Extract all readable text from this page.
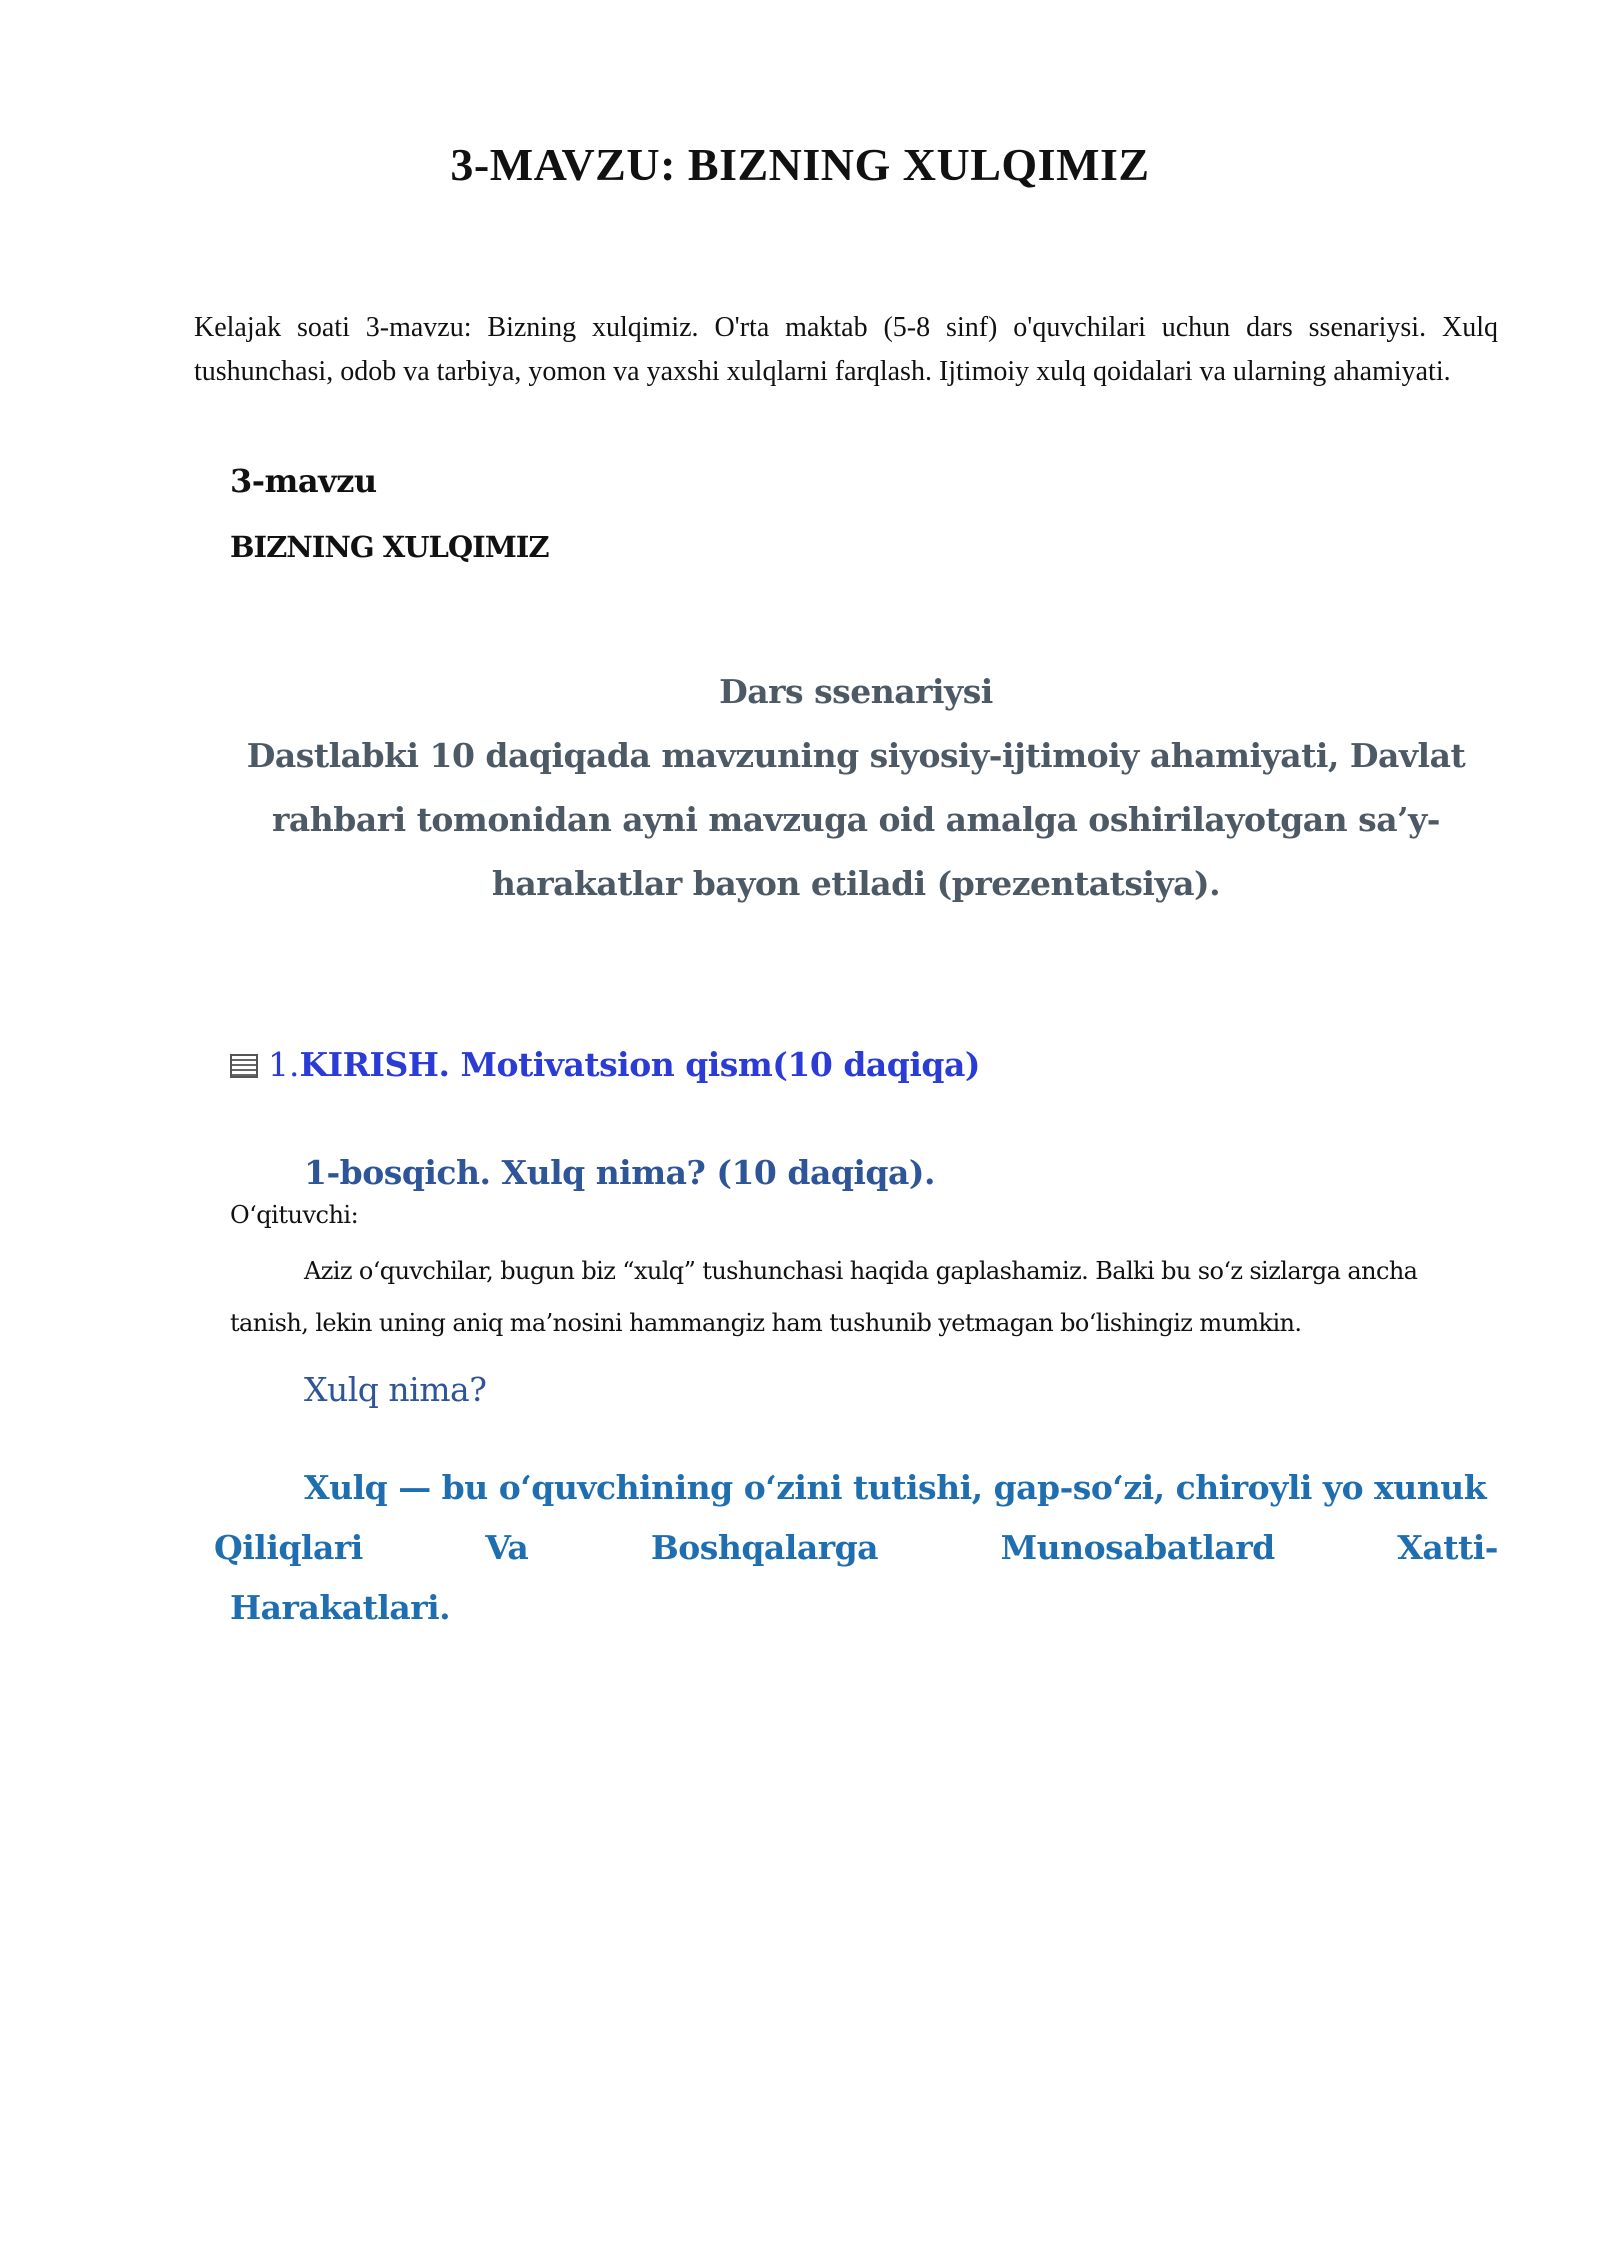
3-MAVZU: BIZNING XULQIMIZ

Kelajak soati 3-mavzu: Bizning xulqimiz. O'rta maktab (5-8 sinf) o'quvchilari uchun dars ssenariysi. Xulq tushunchasi, odob va tarbiya, yomon va yaxshi xulqlarni farqlash. Ijtimoiy xulq qoidalari va ularning ahamiyati.

3-mavzu
BIZNING XULQIMIZ
Dars ssenariysi
Dastlabki 10 daqiqada mavzuning siyosiy-ijtimoiy ahamiyati, Davlat
rahbari tomonidan ayni mavzuga oid amalga oshirilayotgan sa’y-
harakatlar bayon etiladi (prezentatsiya).
1.KIRISH. Motivatsion qism(10 daqiqa)
1-bosqich. Xulq nima? (10 daqiqa).
O‘qituvchi:

Aziz o‘quvchilar, bugun biz “xulq” tushunchasi haqida gaplashamiz. Balki bu so‘z sizlarga ancha tanish, lekin uning aniq ma’nosini hammangiz ham tushunib yetmagan bo‘lishingiz mumkin.

Xulq nima?
Xulq — bu o‘quvchining o‘zini tutishi, gap-so‘zi, chiroyli yo xunuk
Qiliqlari	Va	Boshqalarga	Munosabatlard	Xatti-
Harakatlari.
